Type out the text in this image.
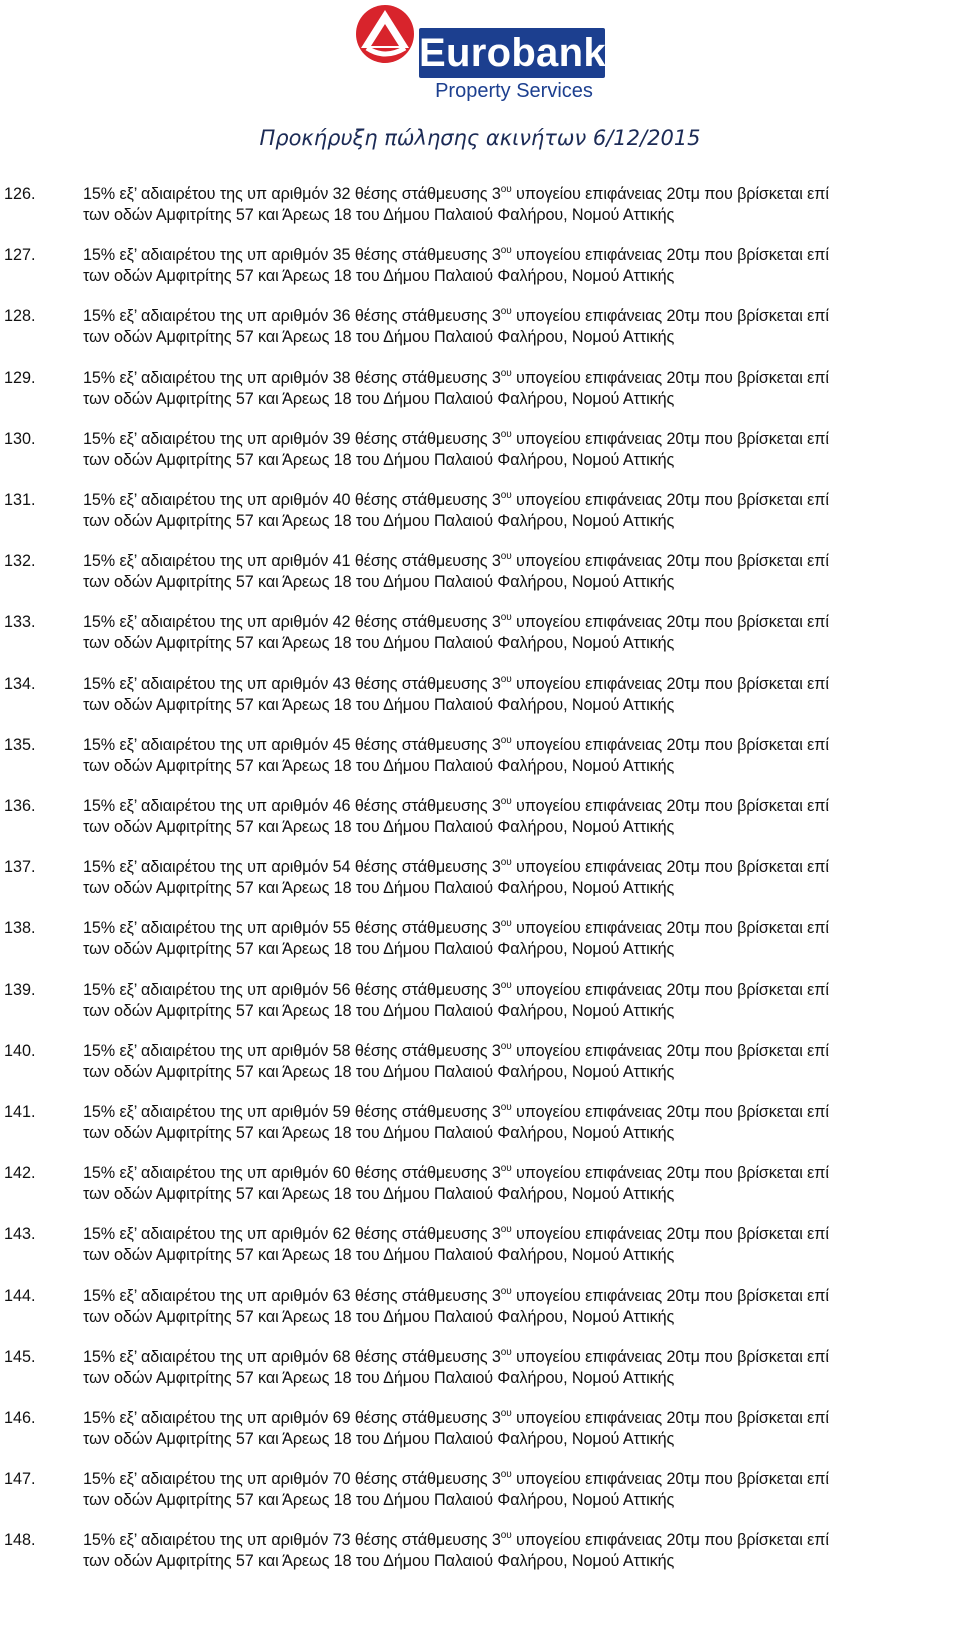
Eurobank
Property Services
Προκήρυξη πώλησης ακινήτων 6/12/2015
126.	15% εξ’ αδιαιρέτου της υπ αριθμόν 32 θέσης στάθμευσης $3^{o\upsilon}$ υπογείου επιφάνειας 20τμ που βρίσκεται επί
των οδών Αμφιτρίτης 57 και Άρεως 18 του Δήμου Παλαιού Φαλήρου, Νομού Αττικής
127.	15% εξ’ αδιαιρέτου της υπ αριθμόν 35 θέσης στάθμευσης $3^{o\upsilon}$ υπογείου επιφάνειας 20τμ που βρίσκεται επί
των οδών Αμφιτρίτης 57 και Άρεως 18 του Δήμου Παλαιού Φαλήρου, Νομού Αττικής
128.	15% εξ’ αδιαιρέτου της υπ αριθμόν 36 θέσης στάθμευσης $3^{o\upsilon}$ υπογείου επιφάνειας 20τμ που βρίσκεται επί
των οδών Αμφιτρίτης 57 και Άρεως 18 του Δήμου Παλαιού Φαλήρου, Νομού Αττικής
129.	15% εξ’ αδιαιρέτου της υπ αριθμόν 38 θέσης στάθμευσης $3^{o\upsilon}$ υπογείου επιφάνειας 20τμ που βρίσκεται επί
των οδών Αμφιτρίτης 57 και Άρεως 18 του Δήμου Παλαιού Φαλήρου, Νομού Αττικής
130.	15% εξ’ αδιαιρέτου της υπ αριθμόν 39 θέσης στάθμευσης $3^{o\upsilon}$ υπογείου επιφάνειας 20τμ που βρίσκεται επί
των οδών Αμφιτρίτης 57 και Άρεως 18 του Δήμου Παλαιού Φαλήρου, Νομού Αττικής
131.	15% εξ’ αδιαιρέτου της υπ αριθμόν 40 θέσης στάθμευσης $3^{o\upsilon}$ υπογείου επιφάνειας 20τμ που βρίσκεται επί
των οδών Αμφιτρίτης 57 και Άρεως 18 του Δήμου Παλαιού Φαλήρου, Νομού Αττικής
132.	15% εξ’ αδιαιρέτου της υπ αριθμόν 41 θέσης στάθμευσης $3^{o\upsilon}$ υπογείου επιφάνειας 20τμ που βρίσκεται επί
των οδών Αμφιτρίτης 57 και Άρεως 18 του Δήμου Παλαιού Φαλήρου, Νομού Αττικής
133.	15% εξ’ αδιαιρέτου της υπ αριθμόν 42 θέσης στάθμευσης $3^{o\upsilon}$ υπογείου επιφάνειας 20τμ που βρίσκεται επί
των οδών Αμφιτρίτης 57 και Άρεως 18 του Δήμου Παλαιού Φαλήρου, Νομού Αττικής
134.	15% εξ’ αδιαιρέτου της υπ αριθμόν 43 θέσης στάθμευσης $3^{o\upsilon}$ υπογείου επιφάνειας 20τμ που βρίσκεται επί
των οδών Αμφιτρίτης 57 και Άρεως 18 του Δήμου Παλαιού Φαλήρου, Νομού Αττικής
135.	15% εξ’ αδιαιρέτου της υπ αριθμόν 45 θέσης στάθμευσης $3^{o\upsilon}$ υπογείου επιφάνειας 20τμ που βρίσκεται επί
των οδών Αμφιτρίτης 57 και Άρεως 18 του Δήμου Παλαιού Φαλήρου, Νομού Αττικής
136.	15% εξ’ αδιαιρέτου της υπ αριθμόν 46 θέσης στάθμευσης $3^{o\upsilon}$ υπογείου επιφάνειας 20τμ που βρίσκεται επί
των οδών Αμφιτρίτης 57 και Άρεως 18 του Δήμου Παλαιού Φαλήρου, Νομού Αττικής
137.	15% εξ’ αδιαιρέτου της υπ αριθμόν 54 θέσης στάθμευσης $3^{o\upsilon}$ υπογείου επιφάνειας 20τμ που βρίσκεται επί
των οδών Αμφιτρίτης 57 και Άρεως 18 του Δήμου Παλαιού Φαλήρου, Νομού Αττικής
138.	15% εξ’ αδιαιρέτου της υπ αριθμόν 55 θέσης στάθμευσης $3^{o\upsilon}$ υπογείου επιφάνειας 20τμ που βρίσκεται επί
των οδών Αμφιτρίτης 57 και Άρεως 18 του Δήμου Παλαιού Φαλήρου, Νομού Αττικής
139.	15% εξ’ αδιαιρέτου της υπ αριθμόν 56 θέσης στάθμευσης $3^{o\upsilon}$ υπογείου επιφάνειας 20τμ που βρίσκεται επί
των οδών Αμφιτρίτης 57 και Άρεως 18 του Δήμου Παλαιού Φαλήρου, Νομού Αττικής
140.	15% εξ’ αδιαιρέτου της υπ αριθμόν 58 θέσης στάθμευσης $3^{o\upsilon}$ υπογείου επιφάνειας 20τμ που βρίσκεται επί
των οδών Αμφιτρίτης 57 και Άρεως 18 του Δήμου Παλαιού Φαλήρου, Νομού Αττικής
141.	15% εξ’ αδιαιρέτου της υπ αριθμόν 59 θέσης στάθμευσης $3^{o\upsilon}$ υπογείου επιφάνειας 20τμ που βρίσκεται επί
των οδών Αμφιτρίτης 57 και Άρεως 18 του Δήμου Παλαιού Φαλήρου, Νομού Αττικής
142.	15% εξ’ αδιαιρέτου της υπ αριθμόν 60 θέσης στάθμευσης $3^{o\upsilon}$ υπογείου επιφάνειας 20τμ που βρίσκεται επί
των οδών Αμφιτρίτης 57 και Άρεως 18 του Δήμου Παλαιού Φαλήρου, Νομού Αττικής
143.	15% εξ’ αδιαιρέτου της υπ αριθμόν 62 θέσης στάθμευσης $3^{o\upsilon}$ υπογείου επιφάνειας 20τμ που βρίσκεται επί
των οδών Αμφιτρίτης 57 και Άρεως 18 του Δήμου Παλαιού Φαλήρου, Νομού Αττικής
144.	15% εξ’ αδιαιρέτου της υπ αριθμόν 63 θέσης στάθμευσης $3^{o\upsilon}$ υπογείου επιφάνειας 20τμ που βρίσκεται επί
των οδών Αμφιτρίτης 57 και Άρεως 18 του Δήμου Παλαιού Φαλήρου, Νομού Αττικής
145.	15% εξ’ αδιαιρέτου της υπ αριθμόν 68 θέσης στάθμευσης $3^{o\upsilon}$ υπογείου επιφάνειας 20τμ που βρίσκεται επί
των οδών Αμφιτρίτης 57 και Άρεως 18 του Δήμου Παλαιού Φαλήρου, Νομού Αττικής
146.	15% εξ’ αδιαιρέτου της υπ αριθμόν 69 θέσης στάθμευσης $3^{o\upsilon}$ υπογείου επιφάνειας 20τμ που βρίσκεται επί
των οδών Αμφιτρίτης 57 και Άρεως 18 του Δήμου Παλαιού Φαλήρου, Νομού Αττικής
147.	15% εξ’ αδιαιρέτου της υπ αριθμόν 70 θέσης στάθμευσης $3^{o\upsilon}$ υπογείου επιφάνειας 20τμ που βρίσκεται επί
των οδών Αμφιτρίτης 57 και Άρεως 18 του Δήμου Παλαιού Φαλήρου, Νομού Αττικής
148.	15% εξ’ αδιαιρέτου της υπ αριθμόν 73 θέσης στάθμευσης $3^{o\upsilon}$ υπογείου επιφάνειας 20τμ που βρίσκεται επί
των οδών Αμφιτρίτης 57 και Άρεως 18 του Δήμου Παλαιού Φαλήρου, Νομού Αττικής
